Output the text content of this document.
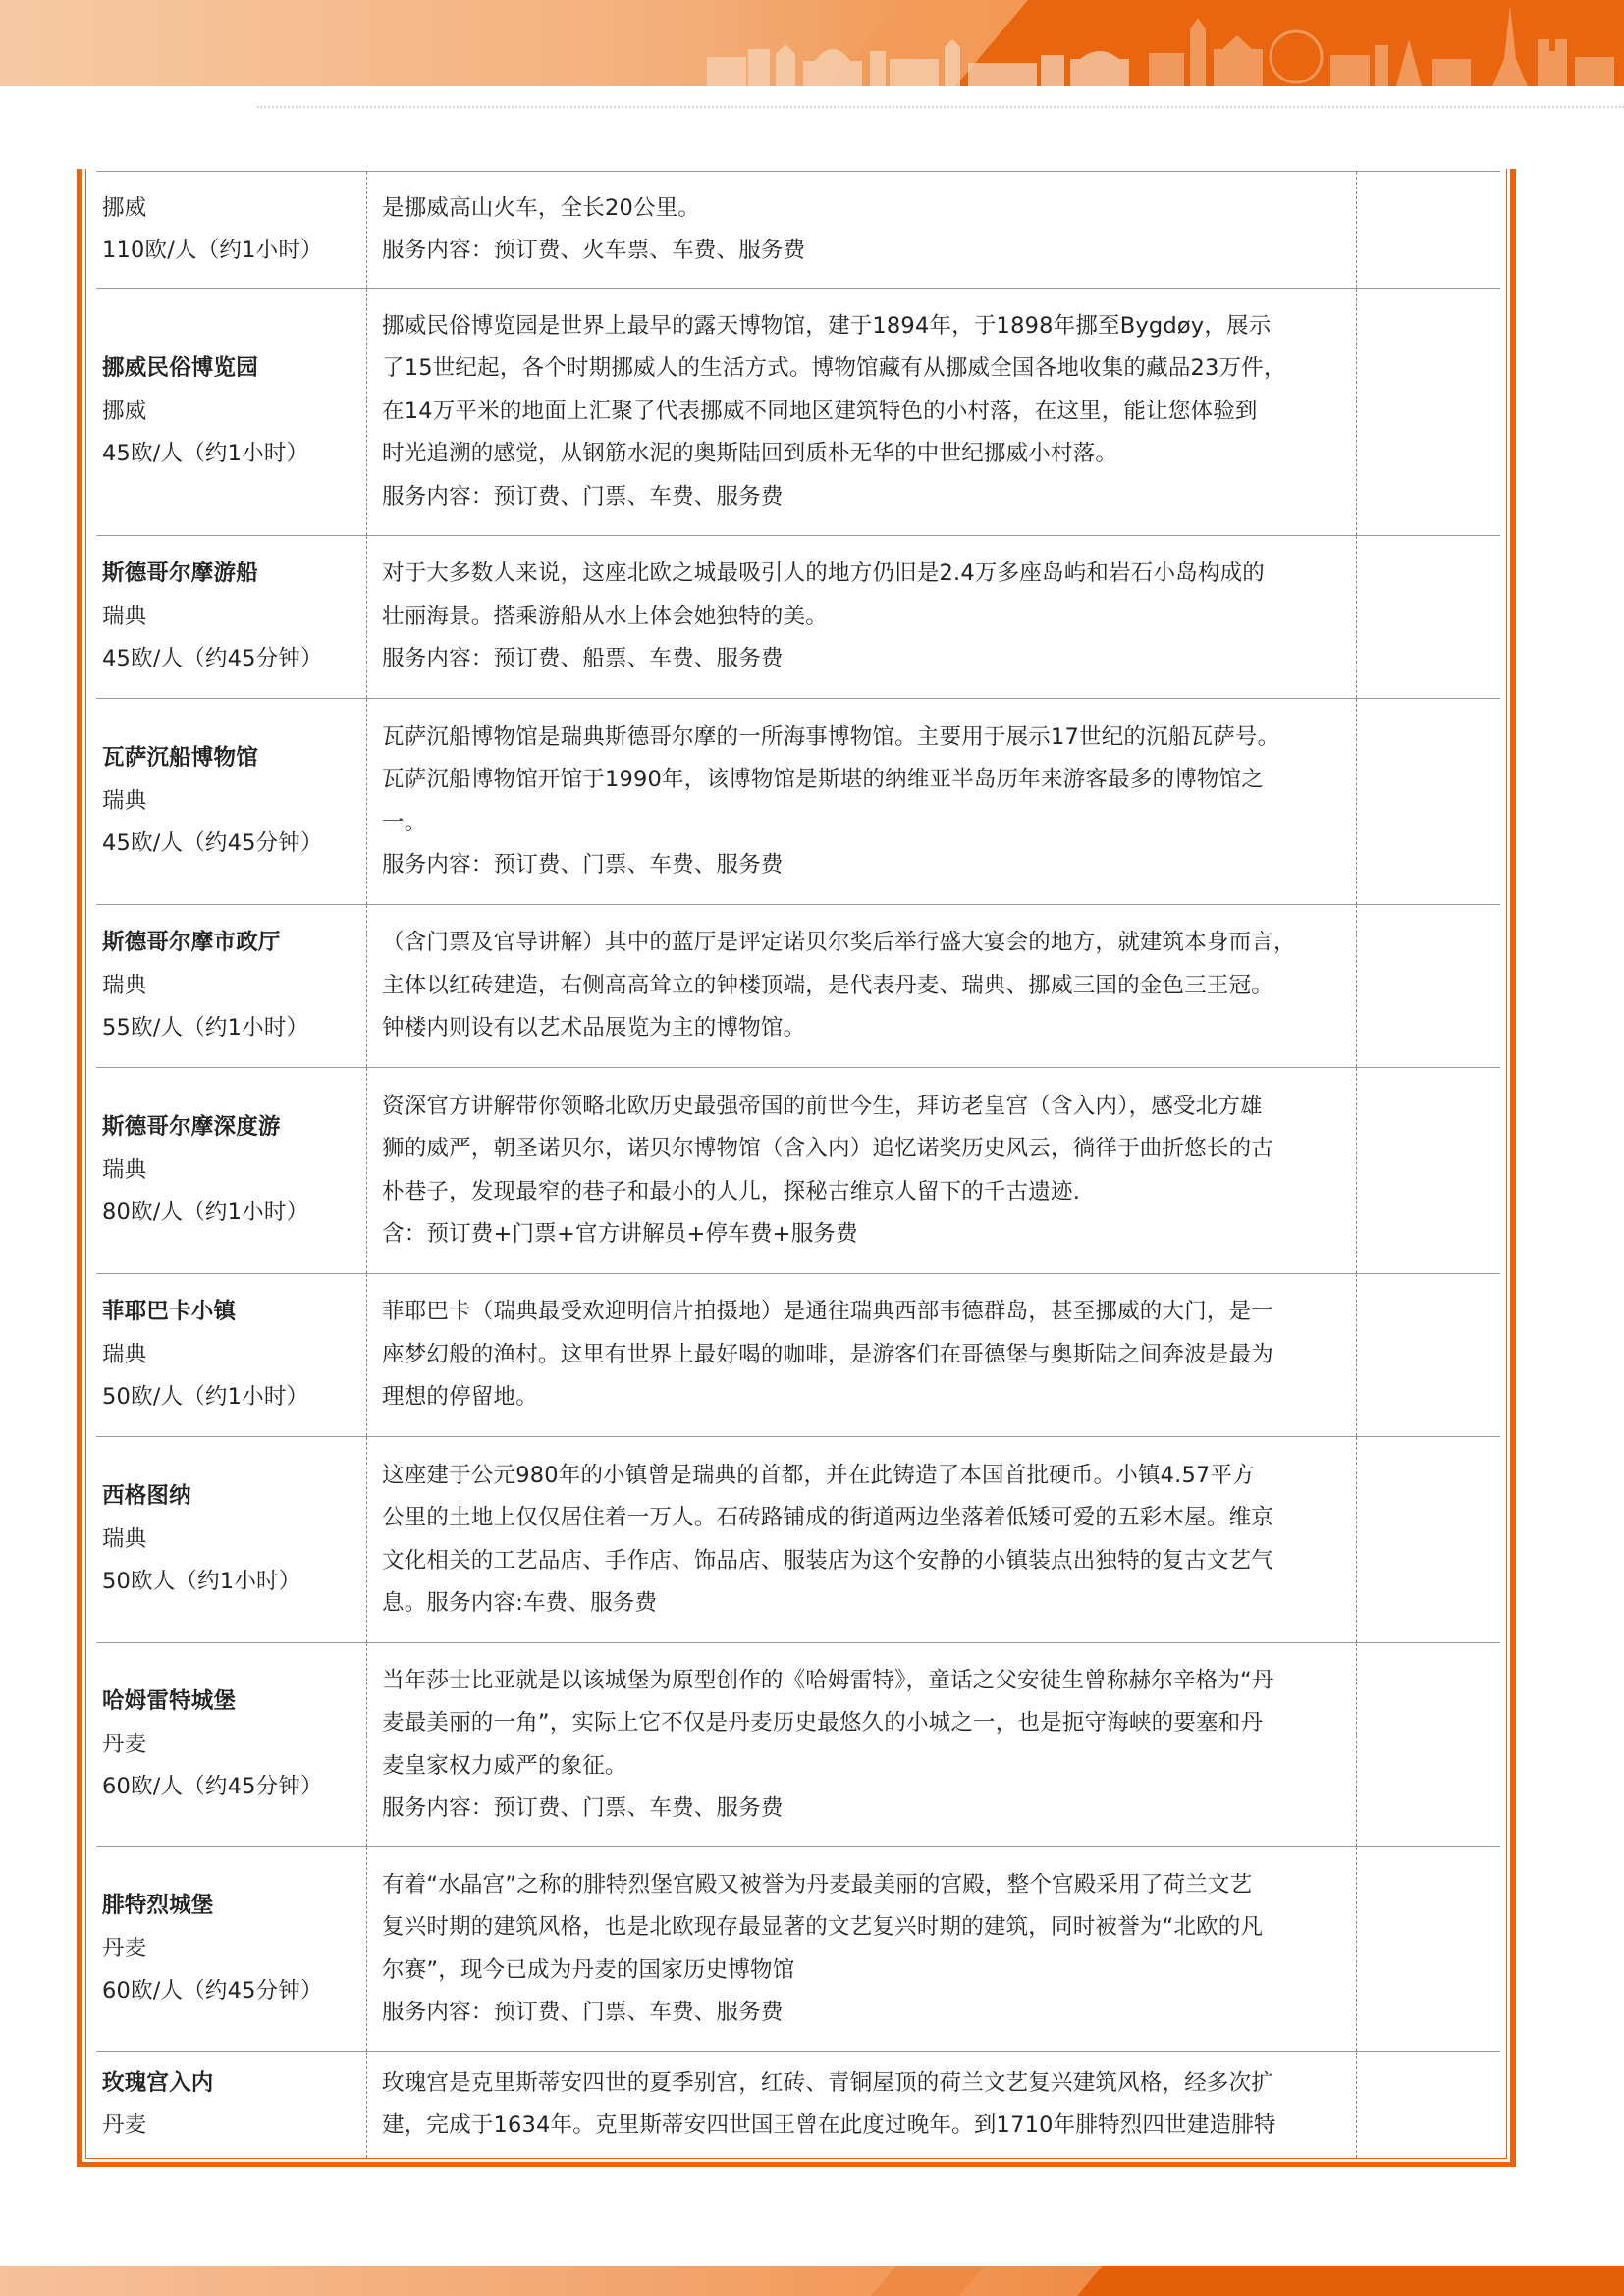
挪威
110欧/人（约1小时）
是挪威高山火车，全长20公里。
服务内容：预订费、火车票、车费、服务费
挪威民俗博览园
挪威
45欧/人（约1小时）
挪威民俗博览园是世界上最早的露天博物馆，建于1894年，于1898年挪至Bygdøy，展示
了15世纪起，各个时期挪威人的生活方式。博物馆藏有从挪威全国各地收集的藏品23万件，
在14万平米的地面上汇聚了代表挪威不同地区建筑特色的小村落，在这里，能让您体验到
时光追溯的感觉，从钢筋水泥的奥斯陆回到质朴无华的中世纪挪威小村落。
服务内容：预订费、门票、车费、服务费
斯德哥尔摩游船
瑞典
45欧/人（约45分钟）
对于大多数人来说，这座北欧之城最吸引人的地方仍旧是2.4万多座岛屿和岩石小岛构成的
壮丽海景。搭乘游船从水上体会她独特的美。
服务内容：预订费、船票、车费、服务费
瓦萨沉船博物馆
瑞典
45欧/人（约45分钟）
瓦萨沉船博物馆是瑞典斯德哥尔摩的一所海事博物馆。主要用于展示17世纪的沉船瓦萨号。
瓦萨沉船博物馆开馆于1990年，该博物馆是斯堪的纳维亚半岛历年来游客最多的博物馆之
一。
服务内容：预订费、门票、车费、服务费
斯德哥尔摩市政厅
瑞典
55欧/人（约1小时）
（含门票及官导讲解）其中的蓝厅是评定诺贝尔奖后举行盛大宴会的地方，就建筑本身而言，
主体以红砖建造，右侧高高耸立的钟楼顶端，是代表丹麦、瑞典、挪威三国的金色三王冠。
钟楼内则设有以艺术品展览为主的博物馆。
斯德哥尔摩深度游
瑞典
80欧/人（约1小时）
资深官方讲解带你领略北欧历史最强帝国的前世今生，拜访老皇宫（含入内），感受北方雄
狮的威严，朝圣诺贝尔，诺贝尔博物馆（含入内）追忆诺奖历史风云，徜徉于曲折悠长的古
朴巷子，发现最窄的巷子和最小的人儿，探秘古维京人留下的千古遗迹.
含：预订费+门票+官方讲解员+停车费+服务费
菲耶巴卡小镇
瑞典
50欧/人（约1小时）
菲耶巴卡（瑞典最受欢迎明信片拍摄地）是通往瑞典西部韦德群岛，甚至挪威的大门，是一
座梦幻般的渔村。这里有世界上最好喝的咖啡，是游客们在哥德堡与奥斯陆之间奔波是最为
理想的停留地。
西格图纳
瑞典
50欧人（约1小时）
这座建于公元980年的小镇曾是瑞典的首都，并在此铸造了本国首批硬币。小镇4.57平方
公里的土地上仅仅居住着一万人。石砖路铺成的街道两边坐落着低矮可爱的五彩木屋。维京
文化相关的工艺品店、手作店、饰品店、服装店为这个安静的小镇装点出独特的复古文艺气
息。服务内容:车费、服务费
哈姆雷特城堡
丹麦
60欧/人（约45分钟）
当年莎士比亚就是以该城堡为原型创作的《哈姆雷特》，童话之父安徒生曾称赫尔辛格为“丹
麦最美丽的一角”，实际上它不仅是丹麦历史最悠久的小城之一，也是扼守海峡的要塞和丹
麦皇家权力威严的象征。
服务内容：预订费、门票、车费、服务费
腓特烈城堡
丹麦
60欧/人（约45分钟）
有着“水晶宫”之称的腓特烈堡宫殿又被誉为丹麦最美丽的宫殿，整个宫殿采用了荷兰文艺
复兴时期的建筑风格，也是北欧现存最显著的文艺复兴时期的建筑，同时被誉为“北欧的凡
尔赛”，现今已成为丹麦的国家历史博物馆
服务内容：预订费、门票、车费、服务费
玫瑰宫入内
丹麦
玫瑰宫是克里斯蒂安四世的夏季别宫，红砖、青铜屋顶的荷兰文艺复兴建筑风格，经多次扩
建，完成于1634年。克里斯蒂安四世国王曾在此度过晚年。到1710年腓特烈四世建造腓特
